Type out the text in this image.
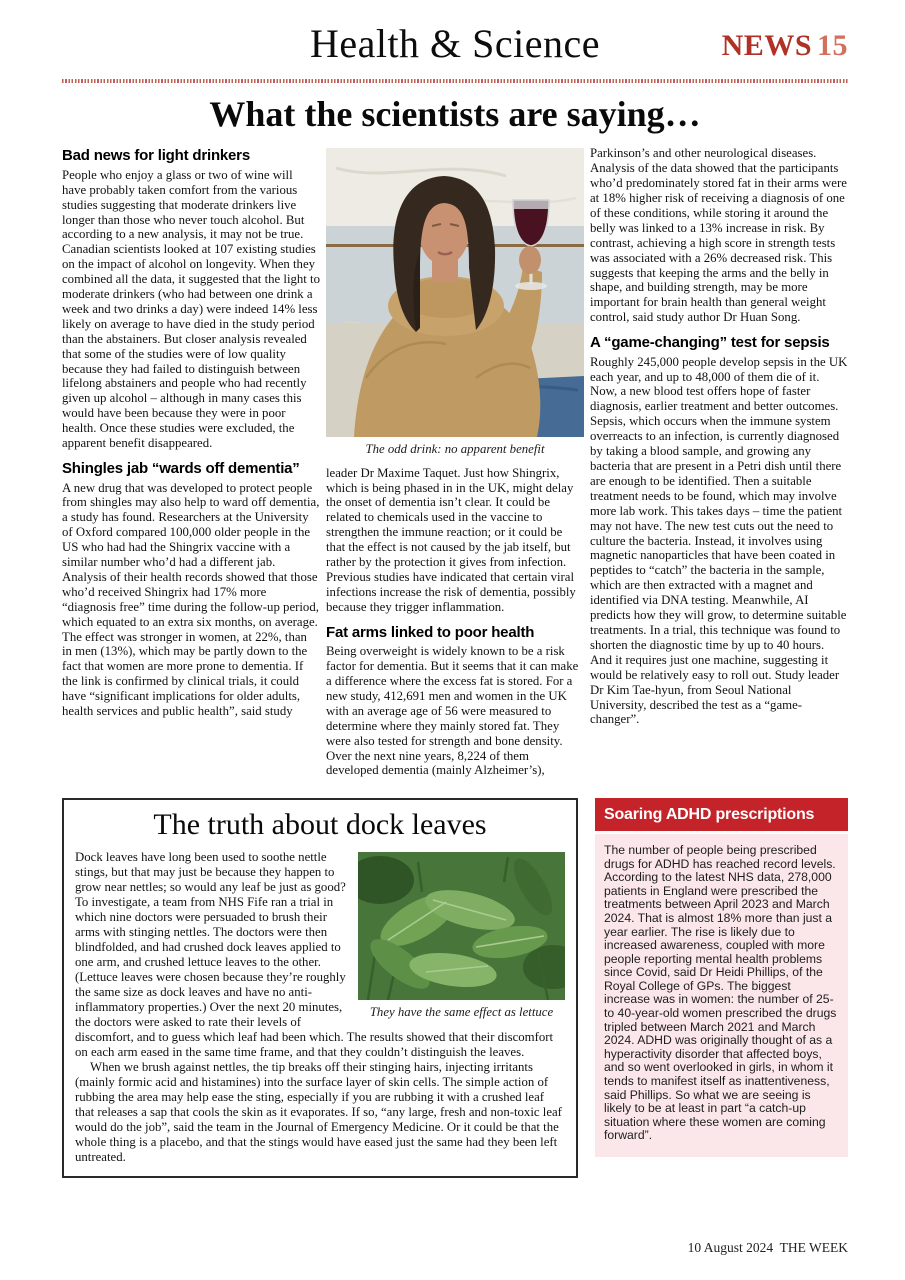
Health & Science	NEWS 15
What the scientists are saying…
Bad news for light drinkers

People who enjoy a glass or two of wine will have probably taken comfort from the various studies suggesting that moderate drinkers live longer than those who never touch alcohol. But according to a new analysis, it may not be true. Canadian scientists looked at 107 existing studies on the impact of alcohol on longevity. When they combined all the data, it suggested that the light to moderate drinkers (who had between one drink a week and two drinks a day) were indeed 14% less likely on average to have died in the study period than the abstainers. But closer analysis revealed that some of the studies were of low quality because they had failed to distinguish between lifelong abstainers and people who had recently given up alcohol – although in many cases this would have been because they were in poor health. Once these studies were excluded, the apparent benefit disappeared.

Shingles jab “wards off dementia”

A new drug that was developed to protect people from shingles may also help to ward off dementia, a study has found. Researchers at the University of Oxford compared 100,000 older people in the US who had had the Shingrix vaccine with a similar number who’d had a different jab. Analysis of their health records showed that those who’d received Shingrix had 17% more “diagnosis free” time during the follow-up period, which equated to an extra six months, on average. The effect was stronger in women, at 22%, than in men (13%), which may be partly down to the fact that women are more prone to dementia. If the link is confirmed by clinical trials, it could have “significant implications for older adults, health services and public health”, said study

The odd drink: no apparent benefit

leader Dr Maxime Taquet. Just how Shingrix, which is being phased in in the UK, might delay the onset of dementia isn’t clear. It could be related to chemicals used in the vaccine to strengthen the immune reaction; or it could be that the effect is not caused by the jab itself, but rather by the protection it gives from infection. Previous studies have indicated that certain viral infections increase the risk of dementia, possibly because they trigger inflammation.

Fat arms linked to poor health

Being overweight is widely known to be a risk factor for dementia. But it seems that it can make a difference where the excess fat is stored. For a new study, 412,691 men and women in the UK with an average age of 56 were measured to determine where they mainly stored fat. They were also tested for strength and bone density. Over the next nine years, 8,224 of them developed dementia (mainly Alzheimer’s),

Parkinson’s and other neurological diseases. Analysis of the data showed that the participants who’d predominately stored fat in their arms were at 18% higher risk of receiving a diagnosis of one of these conditions, while storing it around the belly was linked to a 13% increase in risk. By contrast, achieving a high score in strength tests was associated with a 26% decreased risk. This suggests that keeping the arms and the belly in shape, and building strength, may be more important for brain health than general weight control, said study author Dr Huan Song.

A “game-changing” test for sepsis

Roughly 245,000 people develop sepsis in the UK each year, and up to 48,000 of them die of it. Now, a new blood test offers hope of faster diagnosis, earlier treatment and better outcomes. Sepsis, which occurs when the immune system overreacts to an infection, is currently diagnosed by taking a blood sample, and growing any bacteria that are present in a Petri dish until there are enough to be identified. Then a suitable treatment needs to be found, which may involve more lab work. This takes days – time the patient may not have. The new test cuts out the need to culture the bacteria. Instead, it involves using magnetic nanoparticles that have been coated in peptides to “catch” the bacteria in the sample, which are then extracted with a magnet and identified via DNA testing. Meanwhile, AI predicts how they will grow, to determine suitable treatments. In a trial, this technique was found to shorten the diagnostic time by up to 40 hours. And it requires just one machine, suggesting it would be relatively easy to roll out. Study leader Dr Kim Tae-hyun, from Seoul National University, described the test as a “game-changer”.

The truth about dock leaves
They have the same effect as lettuce

Dock leaves have long been used to soothe nettle stings, but that may just be because they happen to grow near nettles; so would any leaf be just as good? To investigate, a team from NHS Fife ran a trial in which nine doctors were persuaded to brush their arms with stinging nettles. The doctors were then blindfolded, and had crushed dock leaves applied to one arm, and crushed lettuce leaves to the other. (Lettuce leaves were chosen because they’re roughly the same size as dock leaves and have no anti-inflammatory properties.) Over the next 20 minutes, the doctors were asked to rate their levels of discomfort, and to guess which leaf had been which. The results showed that their discomfort on each arm eased in the same time frame, and that they couldn’t distinguish the leaves.

When we brush against nettles, the tip breaks off their stinging hairs, injecting irritants (mainly formic acid and histamines) into the surface layer of skin cells. The simple action of rubbing the area may help ease the sting, especially if you are rubbing it with a crushed leaf that releases a sap that cools the skin as it evaporates. If so, “any large, fresh and non-toxic leaf would do the job”, said the team in the Journal of Emergency Medicine. Or it could be that the whole thing is a placebo, and that the stings would have eased just the same had they been left untreated.

Soaring ADHD prescriptions
The number of people being prescribed drugs for ADHD has reached record levels. According to the latest NHS data, 278,000 patients in England were prescribed the treatments between April 2023 and March 2024. That is almost 18% more than just a year earlier. The rise is likely due to increased awareness, coupled with more people reporting mental health problems since Covid, said Dr Heidi Phillips, of the Royal College of GPs. The biggest increase was in women: the number of 25- to 40-year-old women prescribed the drugs tripled between March 2021 and March 2024. ADHD was originally thought of as a hyperactivity disorder that affected boys, and so went overlooked in girls, in whom it tends to manifest itself as inattentiveness, said Phillips. So what we are seeing is likely to be at least in part “a catch-up situation where these women are coming forward”.
10 August 2024  THE WEEK
